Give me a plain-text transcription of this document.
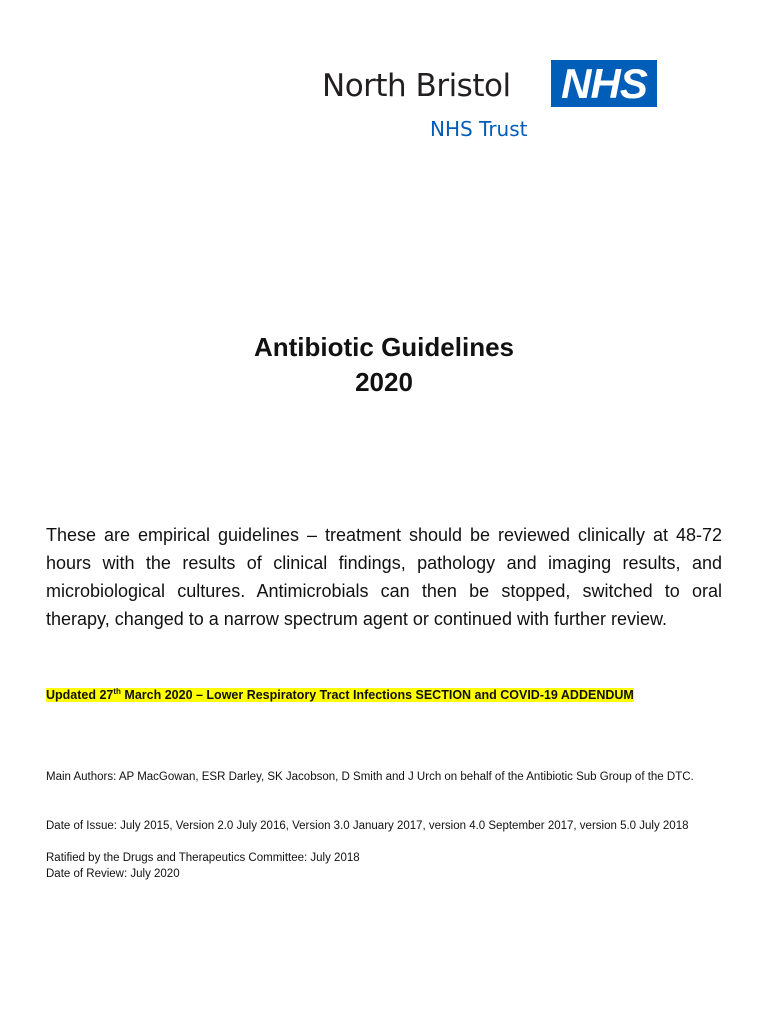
North Bristol NHS
NHS Trust
Antibiotic Guidelines
2020

These are empirical guidelines – treatment should be reviewed clinically at 48-72 hours with the results of clinical findings, pathology and imaging results, and microbiological cultures. Antimicrobials can then be stopped, switched to oral therapy, changed to a narrow spectrum agent or continued with further review.

Updated 27th March 2020 – Lower Respiratory Tract Infections SECTION and COVID-19 ADDENDUM

Main Authors: AP MacGowan, ESR Darley, SK Jacobson, D Smith and J Urch on behalf of the Antibiotic Sub Group of the DTC.

Date of Issue: July 2015, Version 2.0 July 2016, Version 3.0 January 2017, version 4.0 September 2017, version 5.0 July 2018

Ratified by the Drugs and Therapeutics Committee: July 2018

Date of Review: July 2020
